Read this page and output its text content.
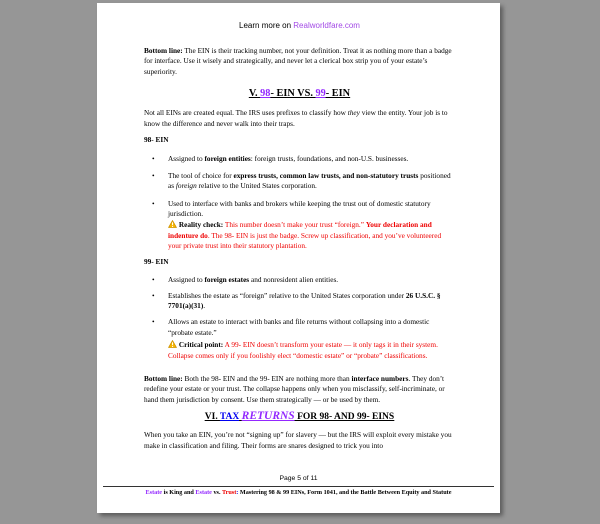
Learn more on Realworldfare.com

Bottom line: The EIN is their tracking number, not your definition. Treat it as nothing more than a badge for interface. Use it wisely and strategically, and never let a clerical box strip you of your estate’s superiority.

V. 98- EIN VS. 99- EIN

Not all EINs are created equal. The IRS uses prefixes to classify how they view the entity. Your job is to know the difference and never walk into their traps.

98- EIN

• Assigned to foreign entities: foreign trusts, foundations, and non-U.S. businesses.
• The tool of choice for express trusts, common law trusts, and non-statutory trusts positioned as foreign relative to the United States corporation.
• Used to interface with banks and brokers while keeping the trust out of domestic statutory jurisdiction.
Reality check: This number doesn’t make your trust “foreign.” Your declaration and indenture do. The 98- EIN is just the badge. Screw up classification, and you’ve volunteered your private trust into their statutory plantation.

99- EIN

• Assigned to foreign estates and nonresident alien entities.
• Establishes the estate as “foreign” relative to the United States corporation under 26 U.S.C. § 7701(a)(31).
• Allows an estate to interact with banks and file returns without collapsing into a domestic “probate estate.”
Critical point: A 99- EIN doesn’t transform your estate — it only tags it in their system. Collapse comes only if you foolishly elect “domestic estate” or “probate” classifications.

Bottom line: Both the 98- EIN and the 99- EIN are nothing more than interface numbers. They don’t redefine your estate or your trust. The collapse happens only when you misclassify, self-incriminate, or hand them jurisdiction by consent. Use them strategically — or be used by them.

VI. TAX RETURNS FOR 98- AND 99- EINS

When you take an EIN, you’re not “signing up” for slavery — but the IRS will exploit every mistake you make in classification and filing. Their forms are snares designed to trick you into

Page 5 of 11
Estate is King and Estate vs. Trust: Mastering 98 & 99 EINs, Form 1041, and the Battle Between Equity and Statute
